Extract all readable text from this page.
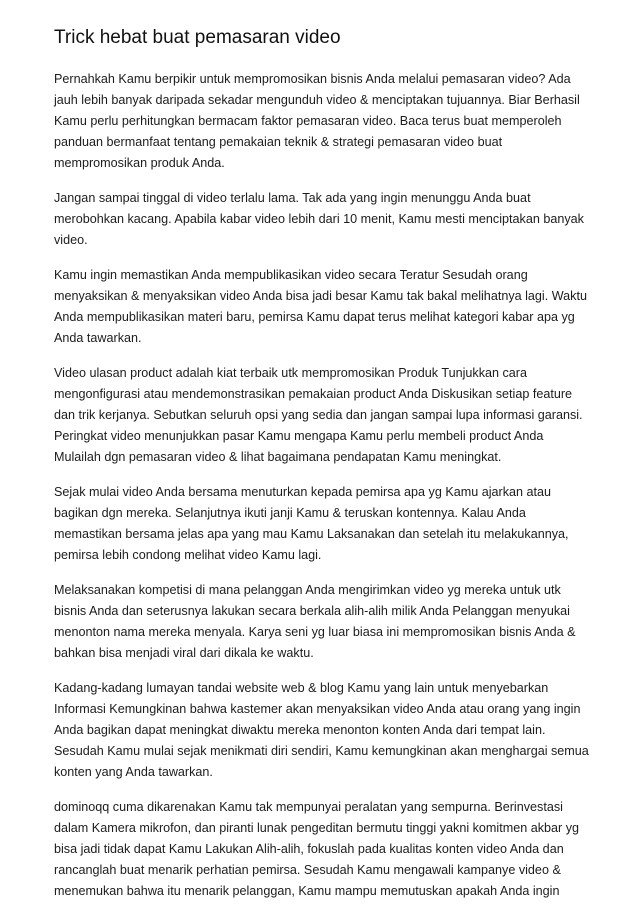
Trick hebat buat pemasaran video

Pernahkah Kamu berpikir untuk mempromosikan bisnis Anda melalui pemasaran video? Ada jauh lebih banyak daripada sekadar mengunduh video & menciptakan tujuannya. Biar Berhasil Kamu perlu perhitungkan bermacam faktor pemasaran video. Baca terus buat memperoleh panduan bermanfaat tentang pemakaian teknik & strategi pemasaran video buat mempromosikan produk Anda.

Jangan sampai tinggal di video terlalu lama. Tak ada yang ingin menunggu Anda buat merobohkan kacang. Apabila kabar video lebih dari 10 menit, Kamu mesti menciptakan banyak video.

Kamu ingin memastikan Anda mempublikasikan video secara Teratur Sesudah orang menyaksikan & menyaksikan video Anda bisa jadi besar Kamu tak bakal melihatnya lagi. Waktu Anda mempublikasikan materi baru, pemirsa Kamu dapat terus melihat kategori kabar apa yg Anda tawarkan.

Video ulasan product adalah kiat terbaik utk mempromosikan Produk Tunjukkan cara mengonfigurasi atau mendemonstrasikan pemakaian product Anda Diskusikan setiap feature dan trik kerjanya. Sebutkan seluruh opsi yang sedia dan jangan sampai lupa informasi garansi. Peringkat video menunjukkan pasar Kamu mengapa Kamu perlu membeli product Anda Mulailah dgn pemasaran video & lihat bagaimana pendapatan Kamu meningkat.

Sejak mulai video Anda bersama menuturkan kepada pemirsa apa yg Kamu ajarkan atau bagikan dgn mereka. Selanjutnya ikuti janji Kamu & teruskan kontennya. Kalau Anda memastikan bersama jelas apa yang mau Kamu Laksanakan dan setelah itu melakukannya, pemirsa lebih condong melihat video Kamu lagi.

Melaksanakan kompetisi di mana pelanggan Anda mengirimkan video yg mereka untuk utk bisnis Anda dan seterusnya lakukan secara berkala alih-alih milik Anda Pelanggan menyukai menonton nama mereka menyala. Karya seni yg luar biasa ini mempromosikan bisnis Anda & bahkan bisa menjadi viral dari dikala ke waktu.

Kadang-kadang lumayan tandai website web & blog Kamu yang lain untuk menyebarkan Informasi Kemungkinan bahwa kastemer akan menyaksikan video Anda atau orang yang ingin Anda bagikan dapat meningkat diwaktu mereka menonton konten Anda dari tempat lain. Sesudah Kamu mulai sejak menikmati diri sendiri, Kamu kemungkinan akan menghargai semua konten yang Anda tawarkan.

dominoqq cuma dikarenakan Kamu tak mempunyai peralatan yang sempurna. Berinvestasi dalam Kamera mikrofon, dan piranti lunak pengeditan bermutu tinggi yakni komitmen akbar yg bisa jadi tidak dapat Kamu Lakukan Alih-alih, fokuslah pada kualitas konten video Anda dan rancanglah buat menarik perhatian pemirsa. Sesudah Kamu mengawali kampanye video & menemukan bahwa itu menarik pelanggan, Kamu mampu memutuskan apakah Anda ingin
